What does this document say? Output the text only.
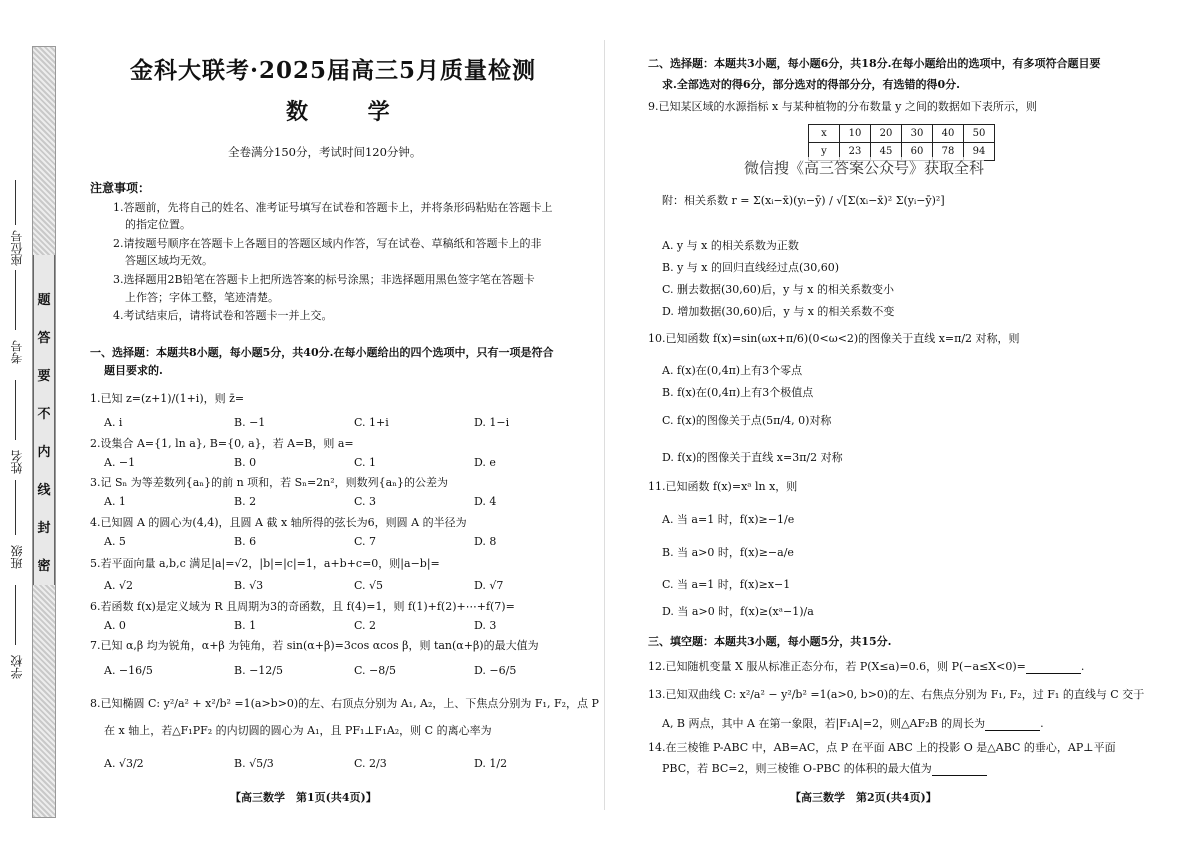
密
封
线
内
不
要
答
题
学校
班级
姓名
考号
座位号
金科大联考·2025届高三5月质量检测
数 学
全卷满分150分，考试时间120分钟。
注意事项：
1.答题前，先将自己的姓名、准考证号填写在试卷和答题卡上，并将条形码粘贴在答题卡上
的指定位置。
2.请按题号顺序在答题卡上各题目的答题区域内作答，写在试卷、草稿纸和答题卡上的非
答题区域均无效。
3.选择题用2B铅笔在答题卡上把所选答案的标号涂黑；非选择题用黑色签字笔在答题卡
上作答；字体工整，笔迹清楚。
4.考试结束后，请将试卷和答题卡一并上交。
一、选择题：本题共8小题，每小题5分，共40分.在每小题给出的四个选项中，只有一项是符合
题目要求的.
1.已知 z=(z+1)/(1+i)，则 z̄=
A. i	B. −1	C. 1+i	D. 1−i
2.设集合 A={1, ln a}, B={0, a}，若 A=B，则 a=
A. −1	B. 0	C. 1	D. e
3.记 Sₙ 为等差数列{aₙ}的前 n 项和，若 Sₙ=2n²，则数列{aₙ}的公差为
A. 1	B. 2	C. 3	D. 4
4.已知圆 A 的圆心为(4,4)，且圆 A 截 x 轴所得的弦长为6，则圆 A 的半径为
A. 5	B. 6	C. 7	D. 8
5.若平面向量 a,b,c 满足|a|=√2，|b|=|c|=1，a+b+c=0，则|a−b|=
A. √2	B. √3	C. √5	D. √7
6.若函数 f(x)是定义域为 R 且周期为3的奇函数，且 f(4)=1，则 f(1)+f(2)+⋯+f(7)=
A. 0	B. 1	C. 2	D. 3
7.已知 α,β 均为锐角，α+β 为钝角，若 sin(α+β)=3cos αcos β，则 tan(α+β)的最大值为
A. −16/5	B. −12/5	C. −8/5	D. −6/5
8.已知椭圆 C: y²/a² + x²/b² =1(a>b>0)的左、右顶点分别为 A₁, A₂，上、下焦点分别为 F₁, F₂，点 P
在 x 轴上，若△F₁PF₂ 的内切圆的圆心为 A₁，且 PF₁⊥F₁A₂，则 C 的离心率为
A. √3/2	B. √5/3	C. 2/3	D. 1/2
【高三数学　第1页(共4页)】
二、选择题：本题共3小题，每小题6分，共18分.在每小题给出的选项中，有多项符合题目要
求.全部选对的得6分，部分选对的得部分分，有选错的得0分.
9.已知某区域的水源指标 x 与某种植物的分布数量 y 之间的数据如下表所示，则
x	10	20	30	40	50
y	23	45	60	78	94
微信搜《高三答案公众号》获取全科
附：相关系数 r = Σ(xᵢ−x̄)(yᵢ−ȳ) / √[Σ(xᵢ−x̄)² Σ(yᵢ−ȳ)²]
A. y 与 x 的相关系数为正数
B. y 与 x 的回归直线经过点(30,60)
C. 删去数据(30,60)后，y 与 x 的相关系数变小
D. 增加数据(30,60)后，y 与 x 的相关系数不变
10.已知函数 f(x)=sin(ωx+π/6)(0<ω<2)的图像关于直线 x=π/2 对称，则
A. f(x)在(0,4π)上有3个零点
B. f(x)在(0,4π)上有3个极值点
C. f(x)的图像关于点(5π/4, 0)对称
D. f(x)的图像关于直线 x=3π/2 对称
11.已知函数 f(x)=xᵃ ln x，则
A. 当 a=1 时，f(x)≥−1/e
B. 当 a>0 时，f(x)≥−a/e
C. 当 a=1 时，f(x)≥x−1
D. 当 a>0 时，f(x)≥(xᵃ−1)/a
三、填空题：本题共3小题，每小题5分，共15分.
12.已知随机变量 X 服从标准正态分布，若 P(X≤a)=0.6，则 P(−a≤X<0)=	.
13.已知双曲线 C: x²/a² − y²/b² =1(a>0, b>0)的左、右焦点分别为 F₁, F₂，过 F₁ 的直线与 C 交于
A, B 两点，其中 A 在第一象限，若|F₁A|=2，则△AF₂B 的周长为	.
14.在三棱锥 P-ABC 中，AB=AC，点 P 在平面 ABC 上的投影 O 是△ABC 的垂心，AP⊥平面
PBC，若 BC=2，则三棱锥 O-PBC 的体积的最大值为
【高三数学　第2页(共4页)】
